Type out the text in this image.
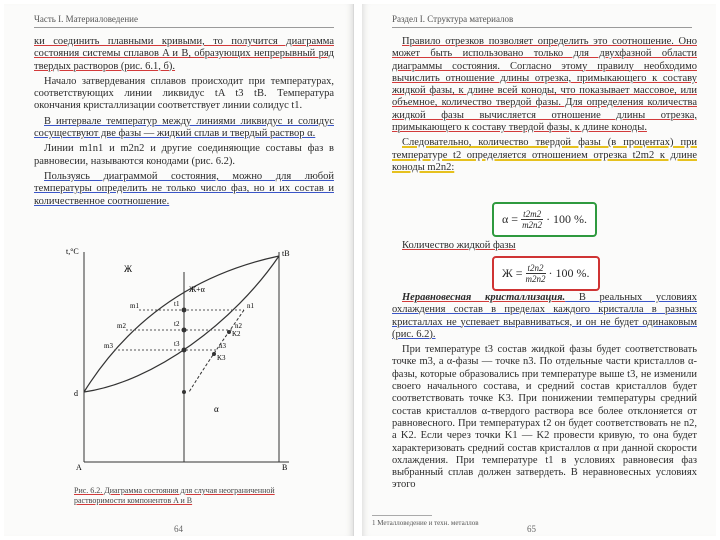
Часть I. Материаловедение

ки соединить плавными кривыми, то получится диаграмма состояния системы сплавов A и B, образующих непрерывный ряд твердых растворов (рис. 6.1, б).

Начало затвердевания сплавов происходит при температурах, соответствующих линии ликвидус tA t3 tB. Температура окончания кристаллизации соответствует линии солидус t1.

В интервале температур между линиями ликвидус и солидус сосуществуют две фазы — жидкий сплав и твердый раствор α.

Линии m1n1 и m2n2 и другие соединяющие составы фаз в равновесии, называются конодами (рис. 6.2).

Пользуясь диаграммой состояния, можно для любой температуры определить не только число фаз, но и их состав и количественное соотношение.

t,°C
B
d
tB
Ж
Ж+α
α
m1
m2
m3
n1
n2
n3
K2
K3
t1
t2
t3
A
Рис. 6.2. Диаграмма состояния для случая неограниченной растворимости компонентов A и B
64
Раздел I. Структура материалов

Правило отрезков позволяет определить это соотношение. Оно может быть использовано только для двухфазной области диаграммы состояния. Согласно этому правилу необходимо вычислить отношение длины отрезка, примыкающего к составу жидкой фазы, к длине всей коноды, что показывает массовое, или объемное, количество твердой фазы. Для определения количества жидкой фазы вычисляется отношение длины отрезка, примыкающего к составу твердой фазы, к длине коноды.

Следовательно, количество твердой фазы (в процентах) при температуре t2 определяется отношением отрезка t2m2 к длине коноды m2n2:

$\alpha = \frac{t2m2}{m2n2} \cdot 100$ %.
Количество жидкой фазы
$Ж = \frac{t2n2}{m2n2} \cdot 100$ %.

Неравновесная кристаллизация. В реальных условиях охлаждения состав в пределах каждого кристалла в разных кристаллах не успевает выравниваться, и он не будет одинаковым (рис. 6.2).

При температуре t3 состав жидкой фазы будет соответствовать точке m3, а α-фазы — точке n3. По отдельные части кристаллов α-фазы, которые образовались при температуре выше t3, не изменили своего начального состава, и средний состав кристаллов будет соответствовать точке K3. При понижении температуры средний состав кристаллов α-твердого раствора все более отклоняется от равновесного. При температурах t2 он будет соответствовать не n2, а K2. Если через точки K1 — K2 провести кривую, то она будет характеризовать средний состав кристаллов α при данной скорости охлаждения. При температуре t1 в условиях равновесия фаз выбранный сплав должен затвердеть. В неравновесных условиях этого

1 Металловедение и техн. металлов
65
